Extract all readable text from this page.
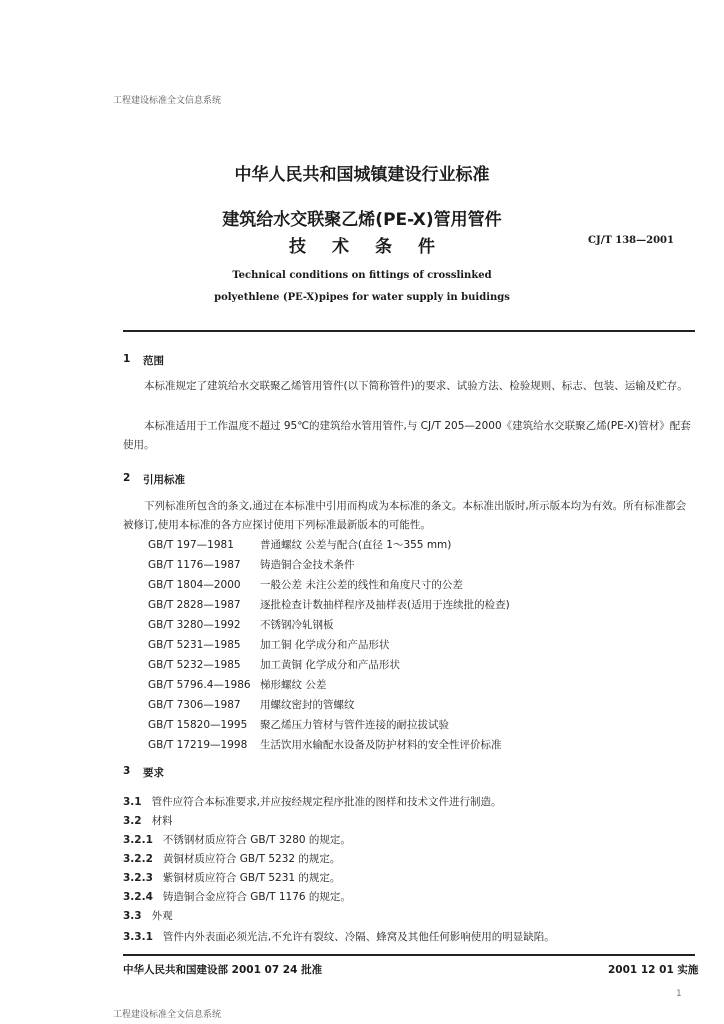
工程建设标准全文信息系统
中华人民共和国城镇建设行业标准
建筑给水交联聚乙烯(PE-X)管用管件
技术条件	CJ/T 138—2001
Technical conditions on fittings of crosslinked
polyethlene (PE-X)pipes for water supply in buidings
1 范围
本标准规定了建筑给水交联聚乙烯管用管件(以下简称管件)的要求、试验方法、检验规则、标志、包装、运输及贮存。
本标准适用于工作温度不超过 95℃的建筑给水管用管件,与 CJ/T 205—2000《建筑给水交联聚乙烯(PE-X)管材》配套使用。
2 引用标准
下列标准所包含的条文,通过在本标准中引用而构成为本标准的条文。本标准出版时,所示版本均为有效。所有标准都会被修订,使用本标准的各方应探讨使用下列标准最新版本的可能性。
GB/T 197—1981 普通螺纹 公差与配合(直径 1～355 mm)
GB/T 1176—1987 铸造铜合金技术条件
GB/T 1804—2000 一般公差 未注公差的线性和角度尺寸的公差
GB/T 2828—1987 逐批检查计数抽样程序及抽样表(适用于连续批的检查)
GB/T 3280—1992 不锈钢冷轧钢板
GB/T 5231—1985 加工铜 化学成分和产品形状
GB/T 5232—1985 加工黄铜 化学成分和产品形状
GB/T 5796.4—1986 梯形螺纹 公差
GB/T 7306—1987 用螺纹密封的管螺纹
GB/T 15820—1995 聚乙烯压力管材与管件连接的耐拉拔试验
GB/T 17219—1998 生活饮用水输配水设备及防护材料的安全性评价标准
3 要求
3.1 管件应符合本标准要求,并应按经规定程序批准的图样和技术文件进行制造。
3.2 材料
3.2.1 不锈钢材质应符合 GB/T 3280 的规定。
3.2.2 黄铜材质应符合 GB/T 5232 的规定。
3.2.3 紫铜材质应符合 GB/T 5231 的规定。
3.2.4 铸造铜合金应符合 GB/T 1176 的规定。
3.3 外观
3.3.1 管件内外表面必须光洁,不允许有裂纹、冷隔、蜂窝及其他任何影响使用的明显缺陷。
中华人民共和国建设部 2001 07 24 批准	2001 12 01 实施
1
工程建设标准全文信息系统
